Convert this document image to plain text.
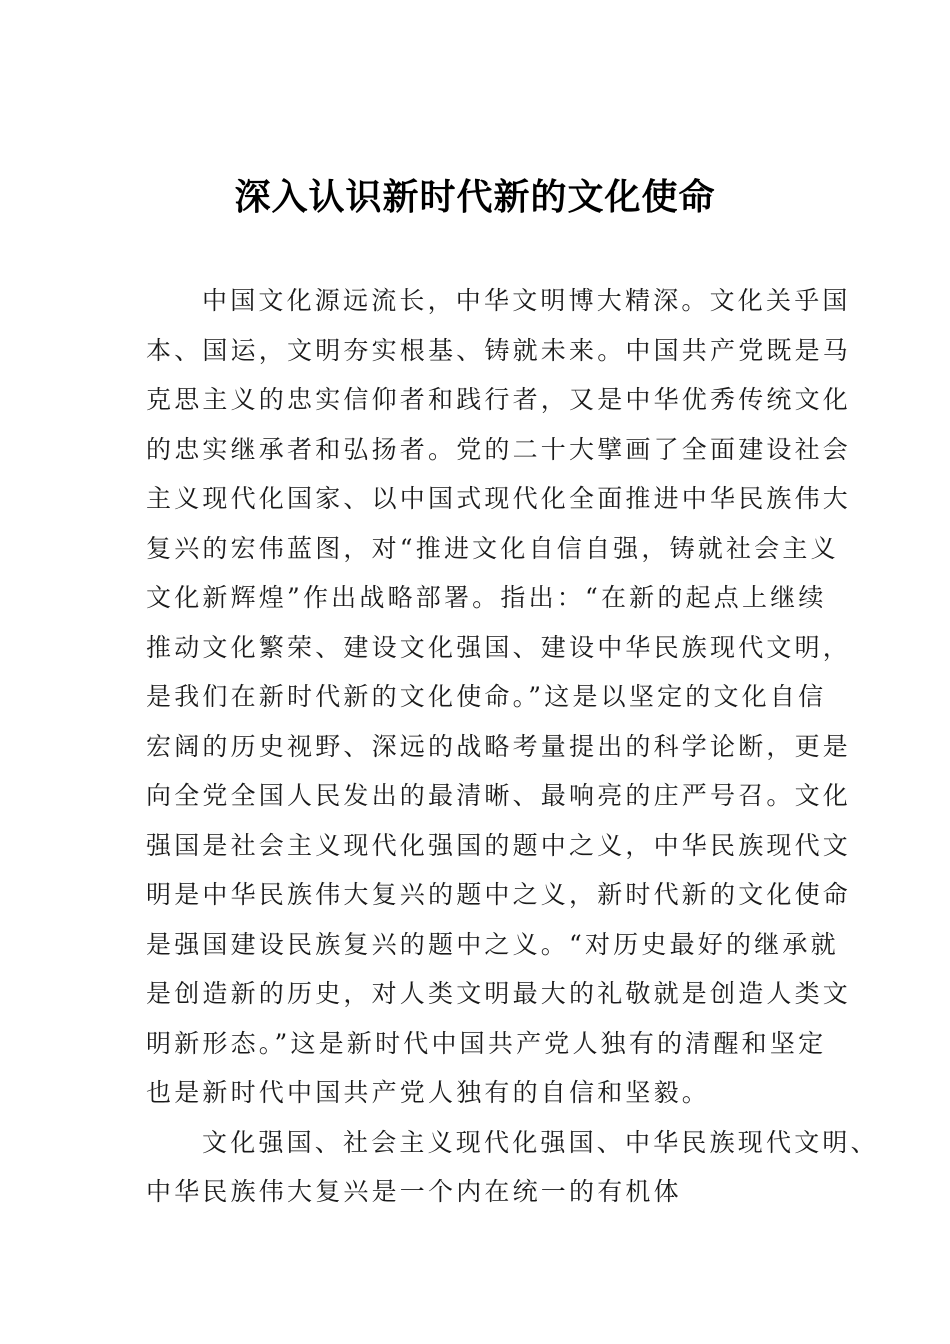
深入认识新时代新的文化使命

中国文化源远流长，中华文明博大精深。文化关乎国

本、国运，文明夯实根基、铸就未来。中国共产党既是马

克思主义的忠实信仰者和践行者，又是中华优秀传统文化

的忠实继承者和弘扬者。党的二十大擘画了全面建设社会

主义现代化国家、以中国式现代化全面推进中华民族伟大

复兴的宏伟蓝图，对“推进文化自信自强，铸就社会主义

文化新辉煌”作出战略部署。指出：“在新的起点上继续

推动文化繁荣、建设文化强国、建设中华民族现代文明，

是我们在新时代新的文化使命。”这是以坚定的文化自信

宏阔的历史视野、深远的战略考量提出的科学论断，更是

向全党全国人民发出的最清晰、最响亮的庄严号召。文化

强国是社会主义现代化强国的题中之义，中华民族现代文

明是中华民族伟大复兴的题中之义，新时代新的文化使命

是强国建设民族复兴的题中之义。“对历史最好的继承就

是创造新的历史，对人类文明最大的礼敬就是创造人类文

明新形态。”这是新时代中国共产党人独有的清醒和坚定

也是新时代中国共产党人独有的自信和坚毅。

文化强国、社会主义现代化强国、中华民族现代文明、

中华民族伟大复兴是一个内在统一的有机体
